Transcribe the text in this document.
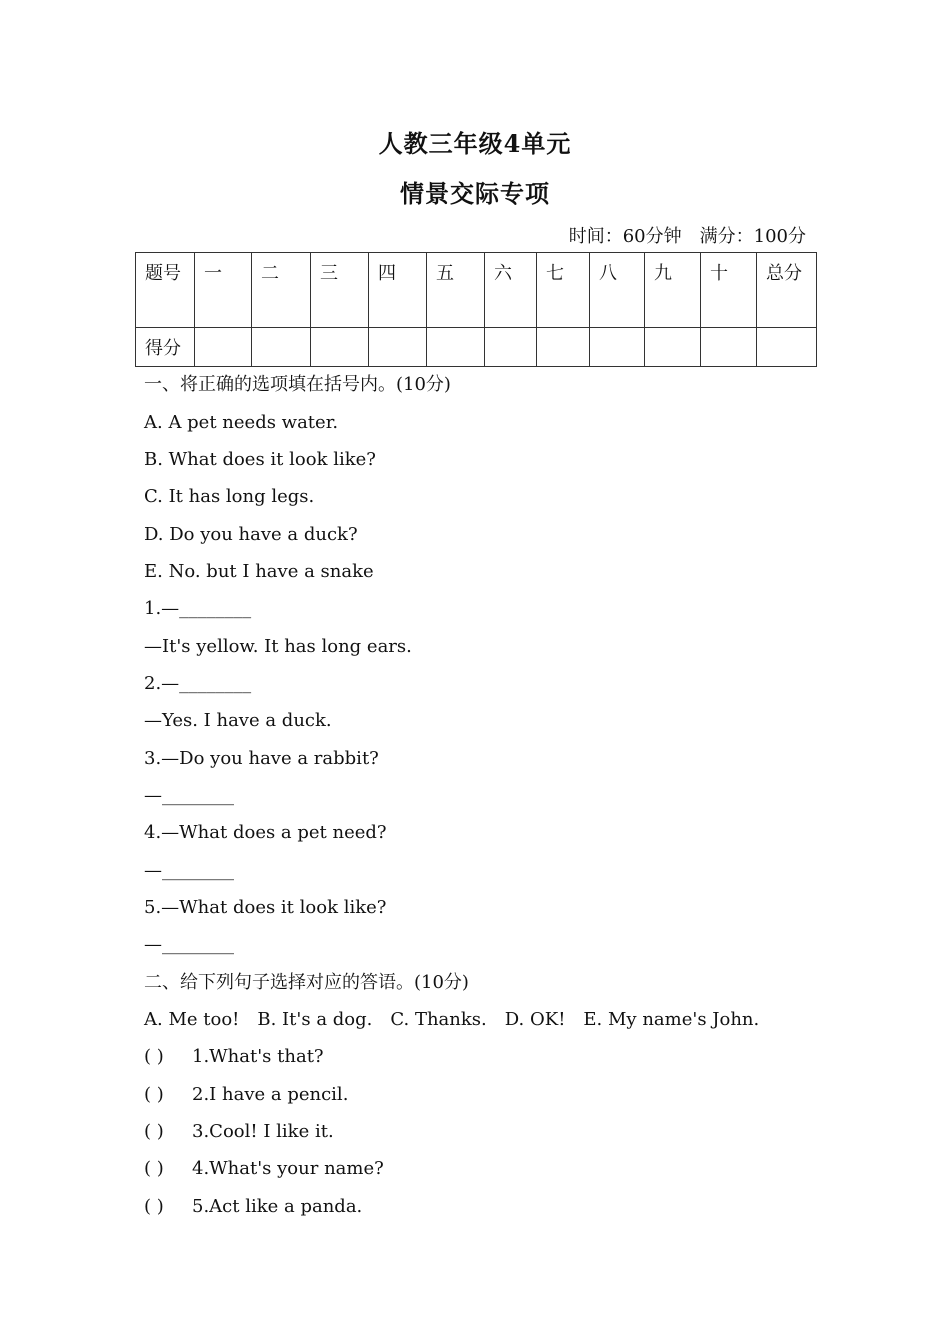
人教三年级4单元
情景交际专项
时间：60分钟 满分：100分
题号	一	二	三	四	五	六	七	八	九	十	总分
得分											
一、将正确的选项填在括号内。(10分)
A. A pet needs water.
B. What does it look like?
C. It has long legs.
D. Do you have a duck?
E. No. but I have a snake
1.—________
—It's yellow. It has long ears.
2.—________
—Yes. I have a duck.
3.—Do you have a rabbit?
—________
4.—What does a pet need?
—________
5.—What does it look like?
—________
二、给下列句子选择对应的答语。(10分)
A. Me too! B. It's a dog. C. Thanks. D. OK! E. My name's John.
( ) 1.What's that?
( ) 2.I have a pencil.
( ) 3.Cool! I like it.
( ) 4.What's your name?
( ) 5.Act like a panda.
